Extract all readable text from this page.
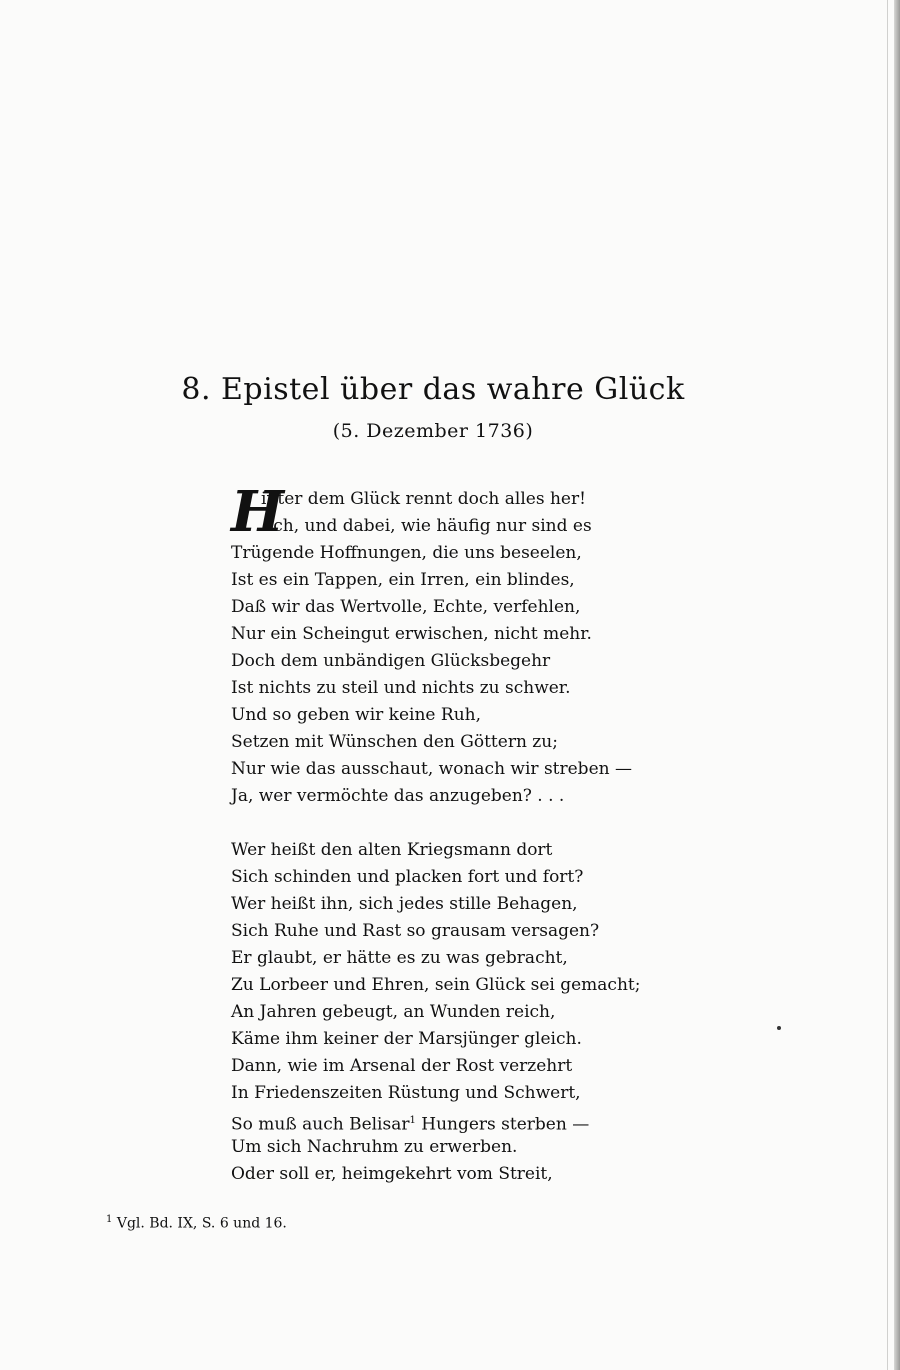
8. Epistel über das wahre Glück
(5. Dezember 1736)
H
inter dem Glück rennt doch alles her!
Ach, und dabei, wie häufig nur sind es
Trügende Hoffnungen, die uns beseelen,
Ist es ein Tappen, ein Irren, ein blindes,
Daß wir das Wertvolle, Echte, verfehlen,
Nur ein Scheingut erwischen, nicht mehr.
Doch dem unbändigen Glücksbegehr
Ist nichts zu steil und nichts zu schwer.
Und so geben wir keine Ruh,
Setzen mit Wünschen den Göttern zu;
Nur wie das ausschaut, wonach wir streben —
Ja, wer vermöchte das anzugeben? . . .
Wer heißt den alten Kriegsmann dort
Sich schinden und placken fort und fort?
Wer heißt ihn, sich jedes stille Behagen,
Sich Ruhe und Rast so grausam versagen?
Er glaubt, er hätte es zu was gebracht,
Zu Lorbeer und Ehren, sein Glück sei gemacht;
An Jahren gebeugt, an Wunden reich,
Käme ihm keiner der Marsjünger gleich.
Dann, wie im Arsenal der Rost verzehrt
In Friedenszeiten Rüstung und Schwert,
So muß auch Belisar$^1$ Hungers sterben —
Um sich Nachruhm zu erwerben.
Oder soll er, heimgekehrt vom Streit,
$^1$ Vgl. Bd. IX, S. 6 und 16.
